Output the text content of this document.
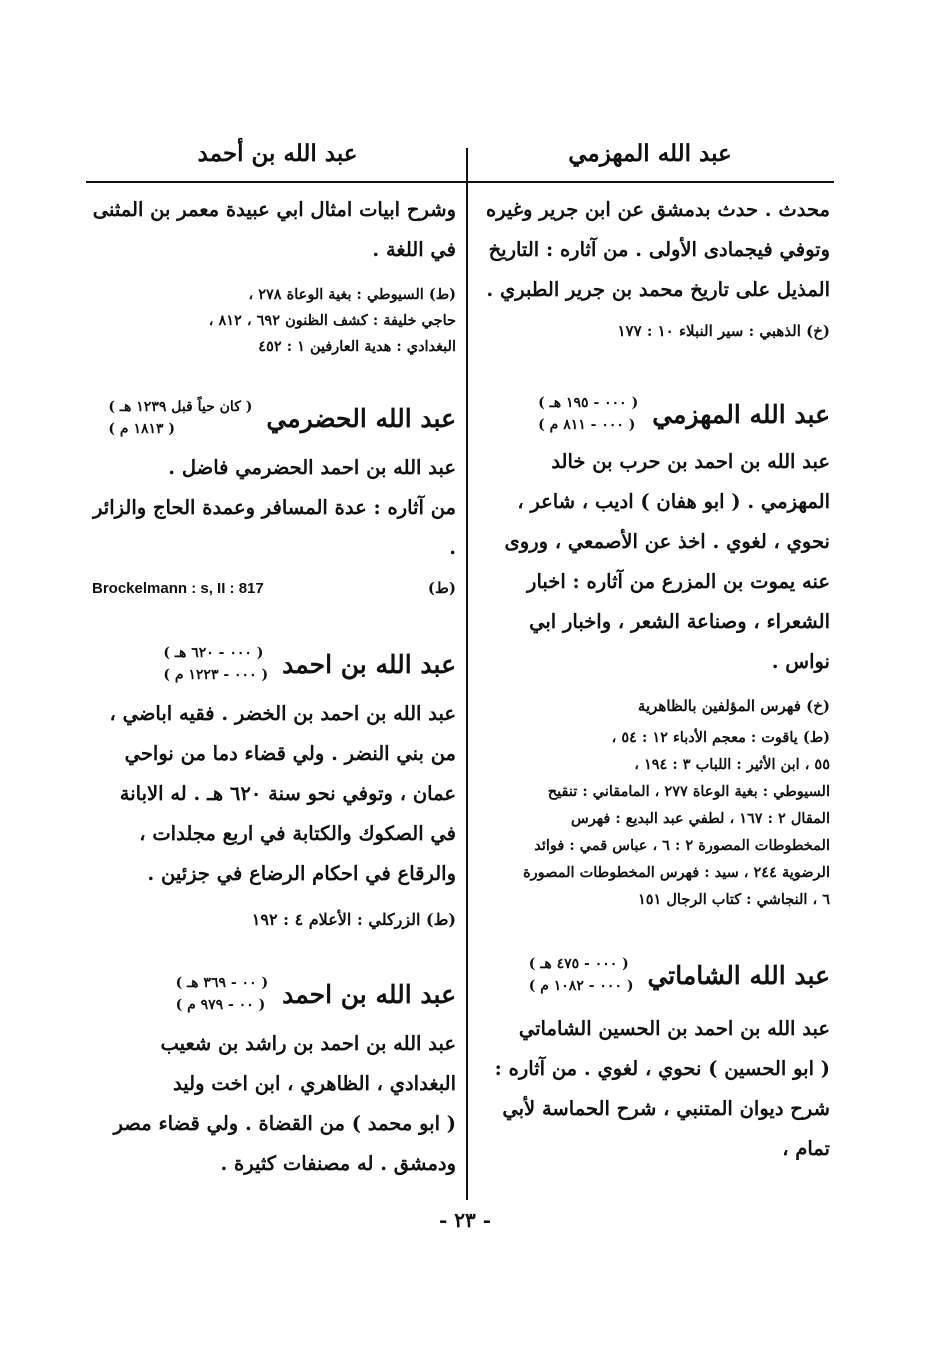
عبد الله المهزمي
عبد الله بن أحمد

محدث . حدث بدمشق عن ابن جرير وغيره

وتوفي فيجمادى الأولى . من آثاره : التاريخ

المذيل على تاريخ محمد بن جرير الطبري .

(خ) الذهبي : سير النبلاء ١٠ : ١٧٧

عبد الله المهزمي
( ٠٠٠ - ١٩٥ هـ )
( ٠٠٠ - ٨١١ م )

عبد الله بن احمد بن حرب بن خالد

المهزمي . ( ابو هفان ) اديب ، شاعر ،

نحوي ، لغوي . اخذ عن الأصمعي ، وروى

عنه يموت بن المزرع من آثاره : اخبار

الشعراء ، وصناعة الشعر ، واخبار ابي نواس .

(خ) فهرس المؤلفين بالظاهرية

(ط) ياقوت : معجم الأدباء ١٢ : ٥٤ ،

٥٥ ، ابن الأثير : اللباب ٣ : ١٩٤ ،

السيوطي : بغية الوعاة ٢٧٧ ، المامقاني : تنقيح

المقال ٢ : ١٦٧ ، لطفي عبد البديع : فهرس

المخطوطات المصورة ٢ : ٦ ، عباس قمي : فوائد

الرضوية ٢٤٤ ، سيد : فهرس المخطوطات المصورة

٦ ، النجاشي : كتاب الرجال ١٥١

عبد الله الشاماتي
( ٠٠٠ - ٤٧٥ هـ )
( ٠٠٠ - ١٠٨٢ م )

عبد الله بن احمد بن الحسين الشاماتي

( ابو الحسين ) نحوي ، لغوي . من آثاره :

شرح ديوان المتنبي ، شرح الحماسة لأبي تمام ،

وشرح ابيات امثال ابي عبيدة معمر بن المثنى

في اللغة .

(ط) السيوطي : بغية الوعاة ٢٧٨ ،

حاجي خليفة : كشف الظنون ٦٩٢ ، ٨١٢ ،

البغدادي : هدية العارفين ١ : ٤٥٢

عبد الله الحضرمي
( كان حياً قبل ١٢٣٩ هـ )
( ١٨١٣ م )

عبد الله بن احمد الحضرمي فاضل .

من آثاره : عدة المسافر وعمدة الحاج والزائر .

(ط)
Brockelmann : s, II : 817
عبد الله بن احمد
( ٠٠٠ - ٦٢٠ هـ )
( ٠٠٠ - ١٢٢٣ م )

عبد الله بن احمد بن الخضر . فقيه اباضي ،

من بني النضر . ولي قضاء دما من نواحي

عمان ، وتوفي نحو سنة ٦٢٠ هـ . له الابانة

في الصكوك والكتابة في اربع مجلدات ،

والرقاع في احكام الرضاع في جزئين .

(ط) الزركلي : الأعلام ٤ : ١٩٢

عبد الله بن احمد
( ٠٠ - ٣٦٩ هـ )
( ٠٠ - ٩٧٩ م )

عبد الله بن احمد بن راشد بن شعيب

البغدادي ، الظاهري ، ابن اخت وليد

( ابو محمد ) من القضاة . ولي قضاء مصر

ودمشق . له مصنفات كثيرة .

- ٢٣ -
